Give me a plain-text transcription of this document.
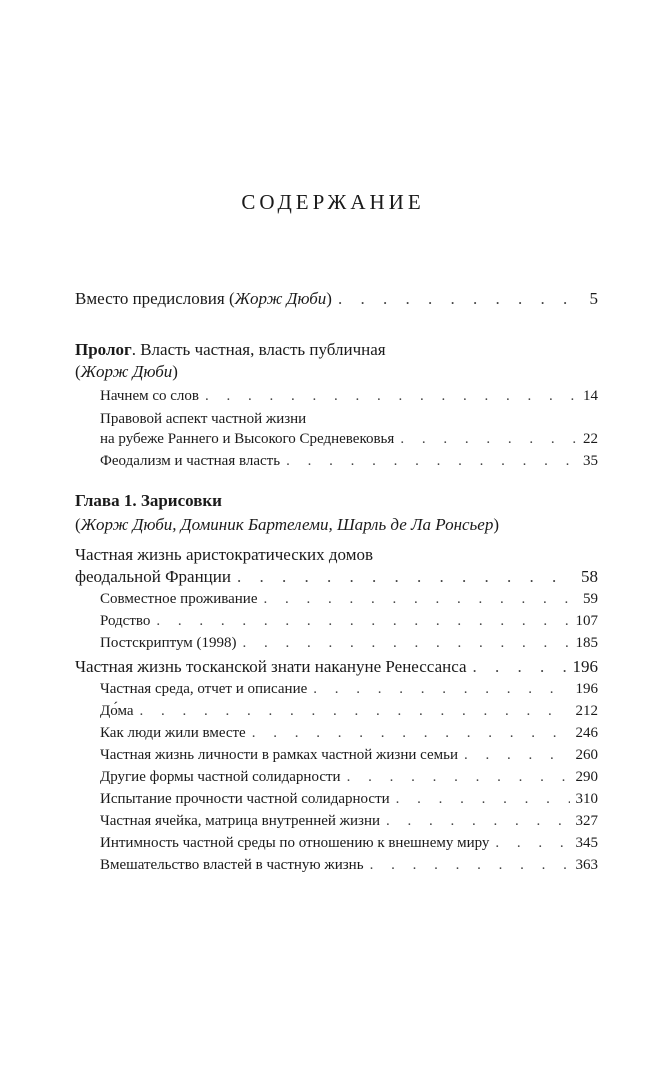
СОДЕРЖАНИЕ
Вместо предисловия (Жорж Дюби) . . .	5
Пролог. Власть частная, власть публичная
(Жорж Дюби)
Начнем со слов . . .	14
Правовой аспект частной жизни
на рубеже Раннего и Высокого Средневековья . . .	22
Феодализм и частная власть . . .	35
Глава 1. Зарисовки
(Жорж Дюби, Доминик Бартелеми, Шарль де Ла Ронсьер)
Частная жизнь аристократических домов
феодальной Франции . . .	58
Совместное проживание . . .	59
Родство . . .	107
Постскриптум (1998) . . .	185
Частная жизнь тосканской знати накануне Ренессанса . . .	196
Частная среда, отчет и описание . . .	196
До́ма . . .	212
Как люди жили вместе . . .	246
Частная жизнь личности в рамках частной жизни семьи . . .	260
Другие формы частной солидарности . . .	290
Испытание прочности частной солидарности . . .	310
Частная ячейка, матрица внутренней жизни . . .	327
Интимность частной среды по отношению к внешнему миру . . .	345
Вмешательство властей в частную жизнь . . .	363
